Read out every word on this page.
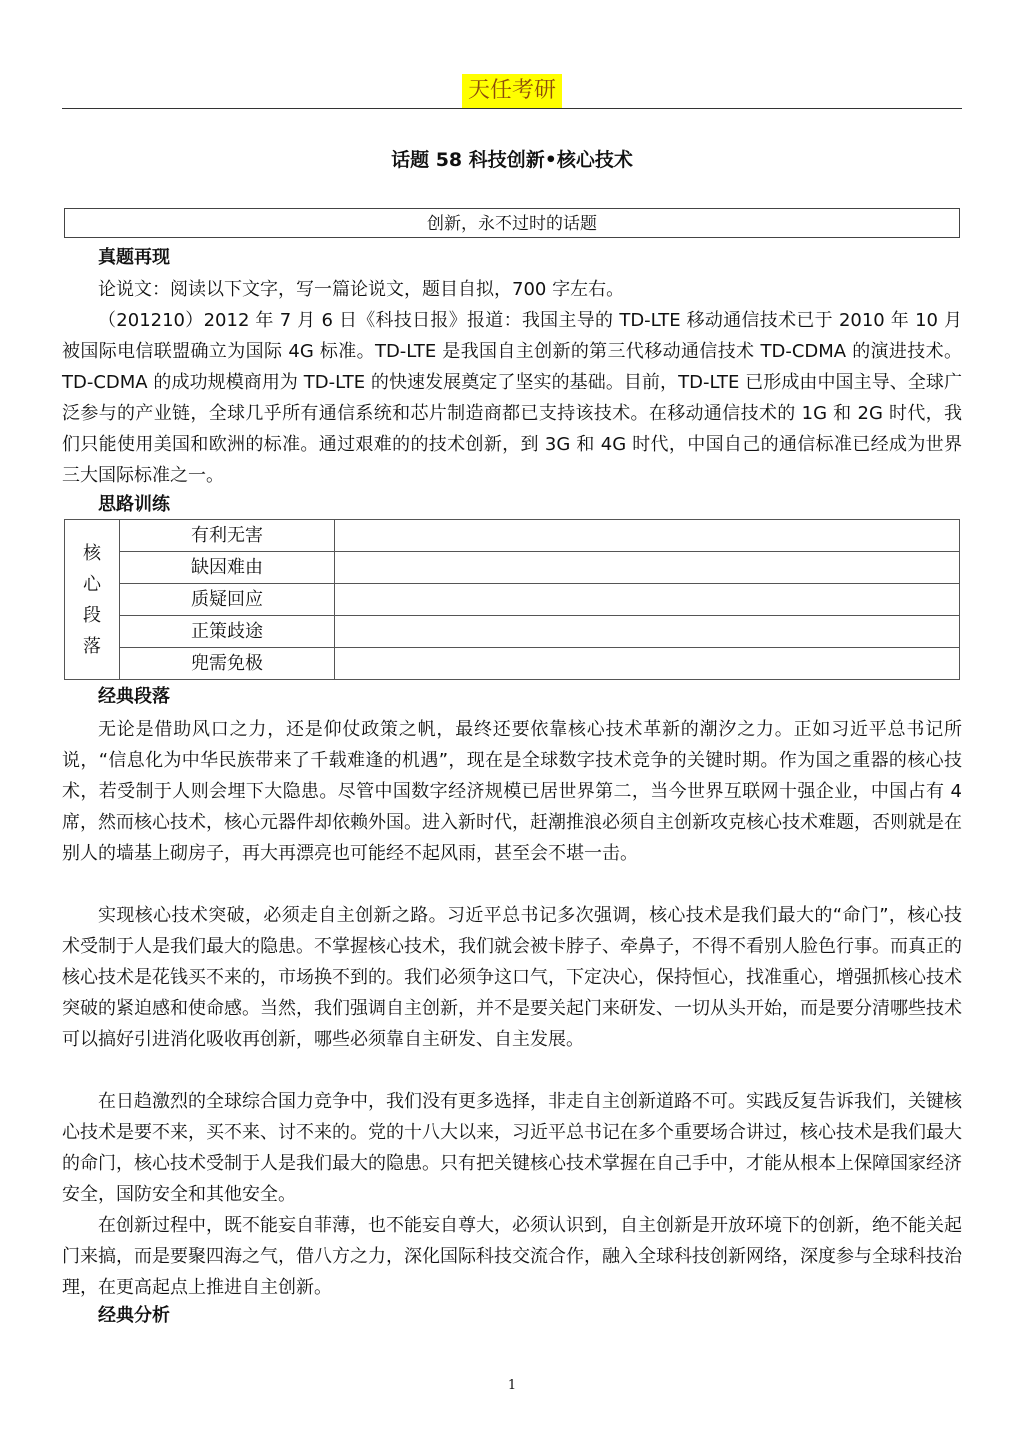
天任考研
话题 58 科技创新•核心技术
创新，永不过时的话题
真题再现

论说文：阅读以下文字，写一篇论说文，题目自拟，700 字左右。

（201210）2012 年 7 月 6 日《科技日报》报道：我国主导的 TD-LTE 移动通信技术已于 2010 年 10 月被国际电信联盟确立为国际 4G 标准。TD-LTE 是我国自主创新的第三代移动通信技术 TD-CDMA 的演进技术。TD-CDMA 的成功规模商用为 TD-LTE 的快速发展奠定了坚实的基础。目前，TD-LTE 已形成由中国主导、全球广泛参与的产业链，全球几乎所有通信系统和芯片制造商都已支持该技术。在移动通信技术的 1G 和 2G 时代，我们只能使用美国和欧洲的标准。通过艰难的的技术创新，到 3G 和 4G 时代，中国自己的通信标准已经成为世界三大国际标准之一。

思路训练
核
心
段
落	有利无害	
	缺因难由	
	质疑回应	
	正策歧途	
	兜需免极	
经典段落

无论是借助风口之力，还是仰仗政策之帆，最终还要依靠核心技术革新的潮汐之力。正如习近平总书记所说，“信息化为中华民族带来了千载难逢的机遇”，现在是全球数字技术竞争的关键时期。作为国之重器的核心技术，若受制于人则会埋下大隐患。尽管中国数字经济规模已居世界第二，当今世界互联网十强企业，中国占有 4 席，然而核心技术，核心元器件却依赖外国。进入新时代，赶潮推浪必须自主创新攻克核心技术难题，否则就是在别人的墙基上砌房子，再大再漂亮也可能经不起风雨，甚至会不堪一击。

实现核心技术突破，必须走自主创新之路。习近平总书记多次强调，核心技术是我们最大的“命门”，核心技术受制于人是我们最大的隐患。不掌握核心技术，我们就会被卡脖子、牵鼻子，不得不看别人脸色行事。而真正的核心技术是花钱买不来的，市场换不到的。我们必须争这口气，下定决心，保持恒心，找准重心，增强抓核心技术突破的紧迫感和使命感。当然，我们强调自主创新，并不是要关起门来研发、一切从头开始，而是要分清哪些技术可以搞好引进消化吸收再创新，哪些必须靠自主研发、自主发展。

在日趋激烈的全球综合国力竞争中，我们没有更多选择，非走自主创新道路不可。实践反复告诉我们，关键核心技术是要不来，买不来、讨不来的。党的十八大以来，习近平总书记在多个重要场合讲过，核心技术是我们最大的命门，核心技术受制于人是我们最大的隐患。只有把关键核心技术掌握在自己手中，才能从根本上保障国家经济安全，国防安全和其他安全。

在创新过程中，既不能妄自菲薄，也不能妄自尊大，必须认识到，自主创新是开放环境下的创新，绝不能关起门来搞，而是要聚四海之气，借八方之力，深化国际科技交流合作，融入全球科技创新网络，深度参与全球科技治理，在更高起点上推进自主创新。

经典分析
1
